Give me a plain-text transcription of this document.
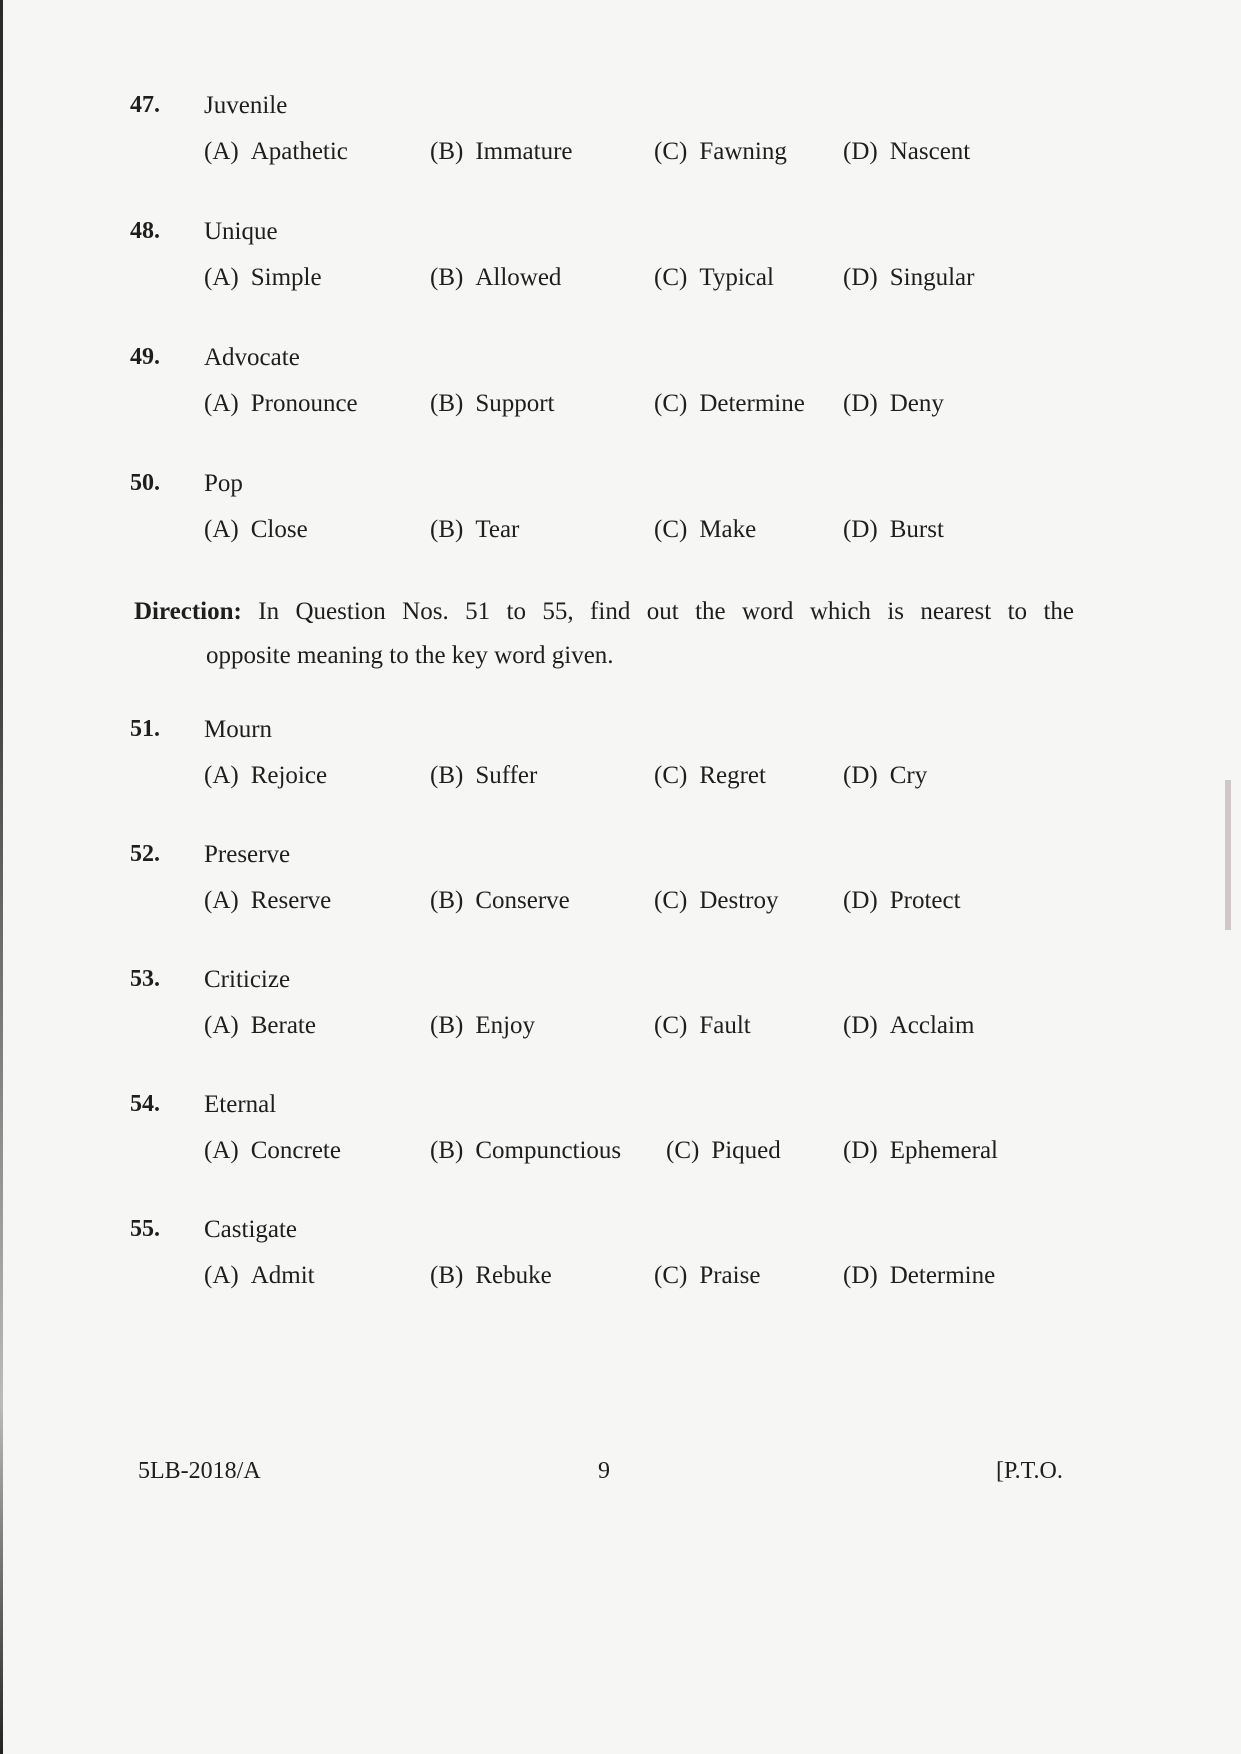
47. Juvenile
(A) Apathetic	(B) Immature	(C) Fawning (D) Nascent
48. Unique
(A) Simple	(B) Allowed	(C) Typical	(D) Singular
49. Advocate
(A) Pronounce	(B) Support	(C) Determine (D) Deny
50. Pop
(A) Close	(B) Tear	(C) Make	(D) Burst
Direction: In Question Nos. 51 to 55, find out the word which is nearest to the
opposite meaning to the key word given.
51. Mourn
(A) Rejoice	(B) Suffer	(C) Regret	(D) Cry
52. Preserve
(A) Reserve	(B) Conserve	(C) Destroy	(D) Protect
53. Criticize
(A) Berate	(B) Enjoy	(C) Fault	(D) Acclaim
54. Eternal
(A) Concrete	(B) Compunctious (C) Piqued (D) Ephemeral
55. Castigate
(A) Admit	(B) Rebuke	(C) Praise	(D) Determine
5LB-2018/A	9	[P.T.O.
